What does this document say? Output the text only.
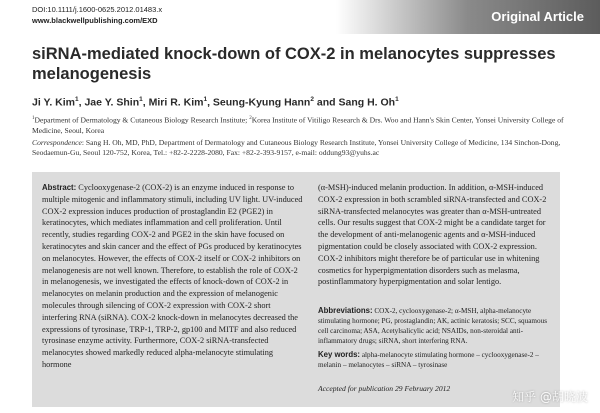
DOI:10.1111/j.1600-0625.2012.01483.x
www.blackwellpublishing.com/EXD	Original Article
siRNA-mediated knock-down of COX-2 in melanocytes suppresses melanogenesis
Ji Y. Kim$^1$, Jae Y. Shin$^1$, Miri R. Kim$^1$, Seung-Kyung Hann$^2$ and Sang H. Oh$^1$
$^1$Department of Dermatology & Cutaneous Biology Research Institute; $^2$Korea Institute of Vitiligo Research & Drs. Woo and Hann's Skin Center, Yonsei University College of Medicine, Seoul, Korea
Correspondence: Sang H. Oh, MD, PhD, Department of Dermatology and Cutaneous Biology Research Institute, Yonsei University College of Medicine, 134 Sinchon-Dong, Seodaemun-Gu, Seoul 120-752, Korea, Tel.: +82-2-2228-2080, Fax: +82-2-393-9157, e-mail: oddung93@yuhs.ac

Abstract: Cyclooxygenase-2 (COX-2) is an enzyme induced in response to multiple mitogenic and inflammatory stimuli, including UV light. UV-induced COX-2 expression induces production of prostaglandin E2 (PGE2) in keratinocytes, which mediates inflammation and cell proliferation. Until recently, studies regarding COX-2 and PGE2 in the skin have focused on keratinocytes and skin cancer and the effect of PGs produced by keratinocytes on melanocytes. However, the effects of COX-2 itself or COX-2 inhibitors on melanogenesis are not well known. Therefore, to establish the role of COX-2 in melanogenesis, we investigated the effects of knock-down of COX-2 in melanocytes on melanin production and the expression of melanogenic molecules through silencing of COX-2 expression with COX-2 short interfering RNA (siRNA). COX-2 knock-down in melanocytes decreased the expressions of tyrosinase, TRP-1, TRP-2, gp100 and MITF and also reduced tyrosinase enzyme activity. Furthermore, COX-2 siRNA-transfected melanocytes showed markedly reduced alpha-melanocyte stimulating hormone

(α-MSH)-induced melanin production. In addition, α-MSH-induced COX-2 expression in both scrambled siRNA-transfected and COX-2 siRNA-transfected melanocytes was greater than α-MSH-untreated cells. Our results suggest that COX-2 might be a candidate target for the development of anti-melanogenic agents and α-MSH-induced pigmentation could be closely associated with COX-2 expression. COX-2 inhibitors might therefore be of particular use in whitening cosmetics for hyperpigmentation disorders such as melasma, postinflammatory hyperpigmentation and solar lentigo.

Abbreviations: COX-2, cyclooxygenase-2; α-MSH, alpha-melanocyte stimulating hormone; PG, prostaglandin; AK, actinic keratosis; SCC, squamous cell carcinoma; ASA, Acetylsalicylic acid; NSAIDs, non-steroidal anti-inflammatory drugs; siRNA, short interfering RNA.
Key words: alpha-melanocyte stimulating hormone – cyclooxygenase-2 – melanin – melanocytes – siRNA – tyrosinase
Accepted for publication 29 February 2012
知乎 @胡晓波
